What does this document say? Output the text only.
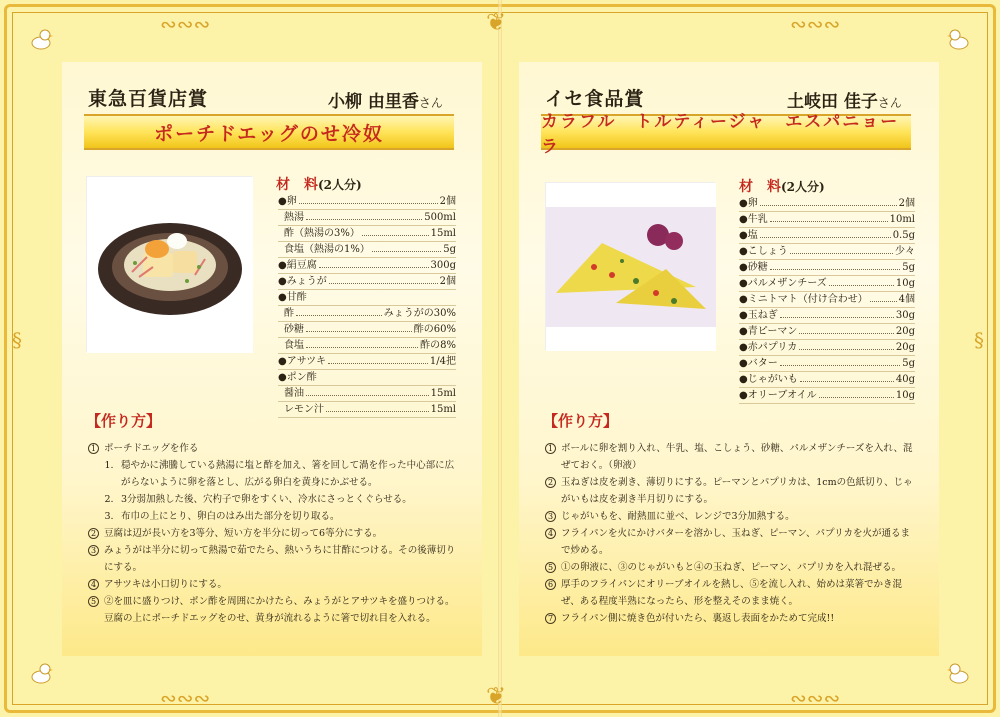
❦
❦
∾∾∾	∾∾∾
∾∾∾	∾∾∾
§	§
東急百貨店賞	小柳 由里香さん
ポーチドエッグのせ冷奴
材　料(2人分)
●卵	2個
熱湯	500ml
酢（熱湯の3%）	15ml
食塩（熱湯の1%）	5g
●絹豆腐	300g
●みょうが	2個
●甘酢
酢	みょうがの30%
砂糖	酢の60%
食塩	酢の8%
●アサツキ	1/4把
●ポン酢
醤油	15ml
レモン汁	15ml
【作り方】
1 ポーチドエッグを作る
1. 穏やかに沸騰している熱湯に塩と酢を加え、箸を回して渦を作った中心部に広がらないように卵を落とし、広がる卵白を黄身にかぶせる。
2. 3分弱加熱した後、穴杓子で卵をすくい、冷水にさっとくぐらせる。
3. 布巾の上にとり、卵白のはみ出た部分を切り取る。
2 豆腐は辺が長い方を3等分、短い方を半分に切って6等分にする。
3 みょうがは半分に切って熱湯で茹でたら、熱いうちに甘酢につける。その後薄切りにする。
4 アサツキは小口切りにする。
5 ②を皿に盛りつけ、ポン酢を周囲にかけたら、みょうがとアサツキを盛りつける。豆腐の上にポーチドエッグをのせ、黄身が流れるように箸で切れ目を入れる。
イセ食品賞	土岐田 佳子さん
カラフル　トルティージャ　エスパニョーラ
材　料(2人分)
●卵	2個
●牛乳	10ml
●塩	0.5g
●こしょう	少々
●砂糖	5g
●パルメザンチーズ	10g
●ミニトマト（付け合わせ）	4個
●玉ねぎ	30g
●青ピーマン	20g
●赤パプリカ	20g
●バター	5g
●じゃがいも	40g
●オリーブオイル	10g
【作り方】
1 ボールに卵を割り入れ、牛乳、塩、こしょう、砂糖、パルメザンチーズを入れ、混ぜておく。（卵液）
2 玉ねぎは皮を剥き、薄切りにする。ピーマンとパプリカは、1cmの色紙切り、じゃがいもは皮を剥き半月切りにする。
3 じゃがいもを、耐熱皿に並べ、レンジで3分加熱する。
4 フライパンを火にかけバターを溶かし、玉ねぎ、ピーマン、パプリカを火が通るまで炒める。
5 ①の卵液に、③のじゃがいもと④の玉ねぎ、ピーマン、パプリカを入れ混ぜる。
6 厚手のフライパンにオリーブオイルを熱し、⑤を流し入れ、始めは菜箸でかき混ぜ、ある程度半熟になったら、形を整えそのまま焼く。
7 フライパン側に焼き色が付いたら、裏返し表面をかためて完成!!
